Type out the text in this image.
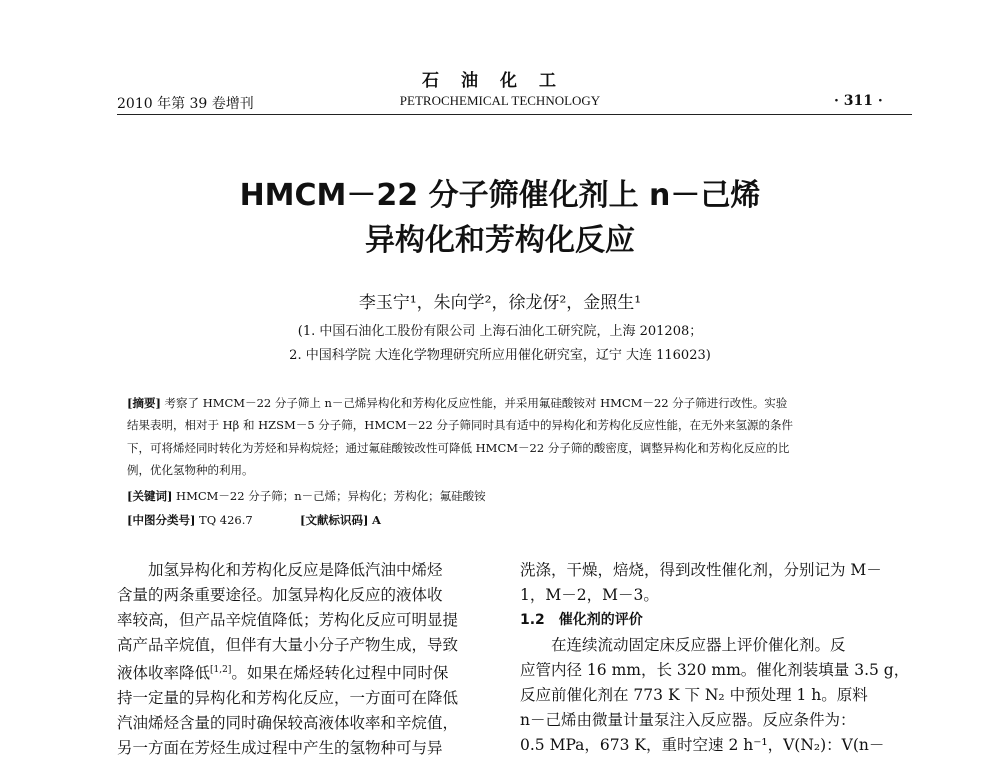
石油化工
2010 年第 39 卷增刊	PETROCHEMICAL TECHNOLOGY	· 311 ·
HMCM－22 分子筛催化剂上 n－己烯
异构化和芳构化反应
李玉宁¹，朱向学²，徐龙伢²，金照生¹
(1. 中国石油化工股份有限公司 上海石油化工研究院，上海 201208；
2. 中国科学院 大连化学物理研究所应用催化研究室，辽宁 大连 116023)
[摘要] 考察了 HMCM－22 分子筛上 n－己烯异构化和芳构化反应性能，并采用氟硅酸铵对 HMCM－22 分子筛进行改性。实验
结果表明，相对于 Hβ 和 HZSM－5 分子筛，HMCM－22 分子筛同时具有适中的异构化和芳构化反应性能，在无外来氢源的条件
下，可将烯烃同时转化为芳烃和异构烷烃；通过氟硅酸铵改性可降低 HMCM－22 分子筛的酸密度，调整异构化和芳构化反应的比
例，优化氢物种的利用。
[关键词] HMCM－22 分子筛；n－己烯；异构化；芳构化；氟硅酸铵
[中图分类号] TQ 426.7	[文献标识码] A
　　加氢异构化和芳构化反应是降低汽油中烯烃
含量的两条重要途径。加氢异构化反应的液体收
率较高，但产品辛烷值降低；芳构化反应可明显提
高产品辛烷值，但伴有大量小分子产物生成，导致
液体收率降低[1,2]。如果在烯烃转化过程中同时保
持一定量的异构化和芳构化反应，一方面可在降低
汽油烯烃含量的同时确保较高液体收率和辛烷值，
另一方面在芳烃生成过程中产生的氢物种可与异
洗涤，干燥，焙烧，得到改性催化剂，分别记为 M－
1，M－2，M－3。
1.2　催化剂的评价
　　在连续流动固定床反应器上评价催化剂。反
应管内径 16 mm，长 320 mm。催化剂装填量 3.5 g，
反应前催化剂在 773 K 下 N₂ 中预处理 1 h。原料
n－己烯由微量计量泵注入反应器。反应条件为：
0.5 MPa，673 K，重时空速 2 h⁻¹，V(N₂)：V(n－
